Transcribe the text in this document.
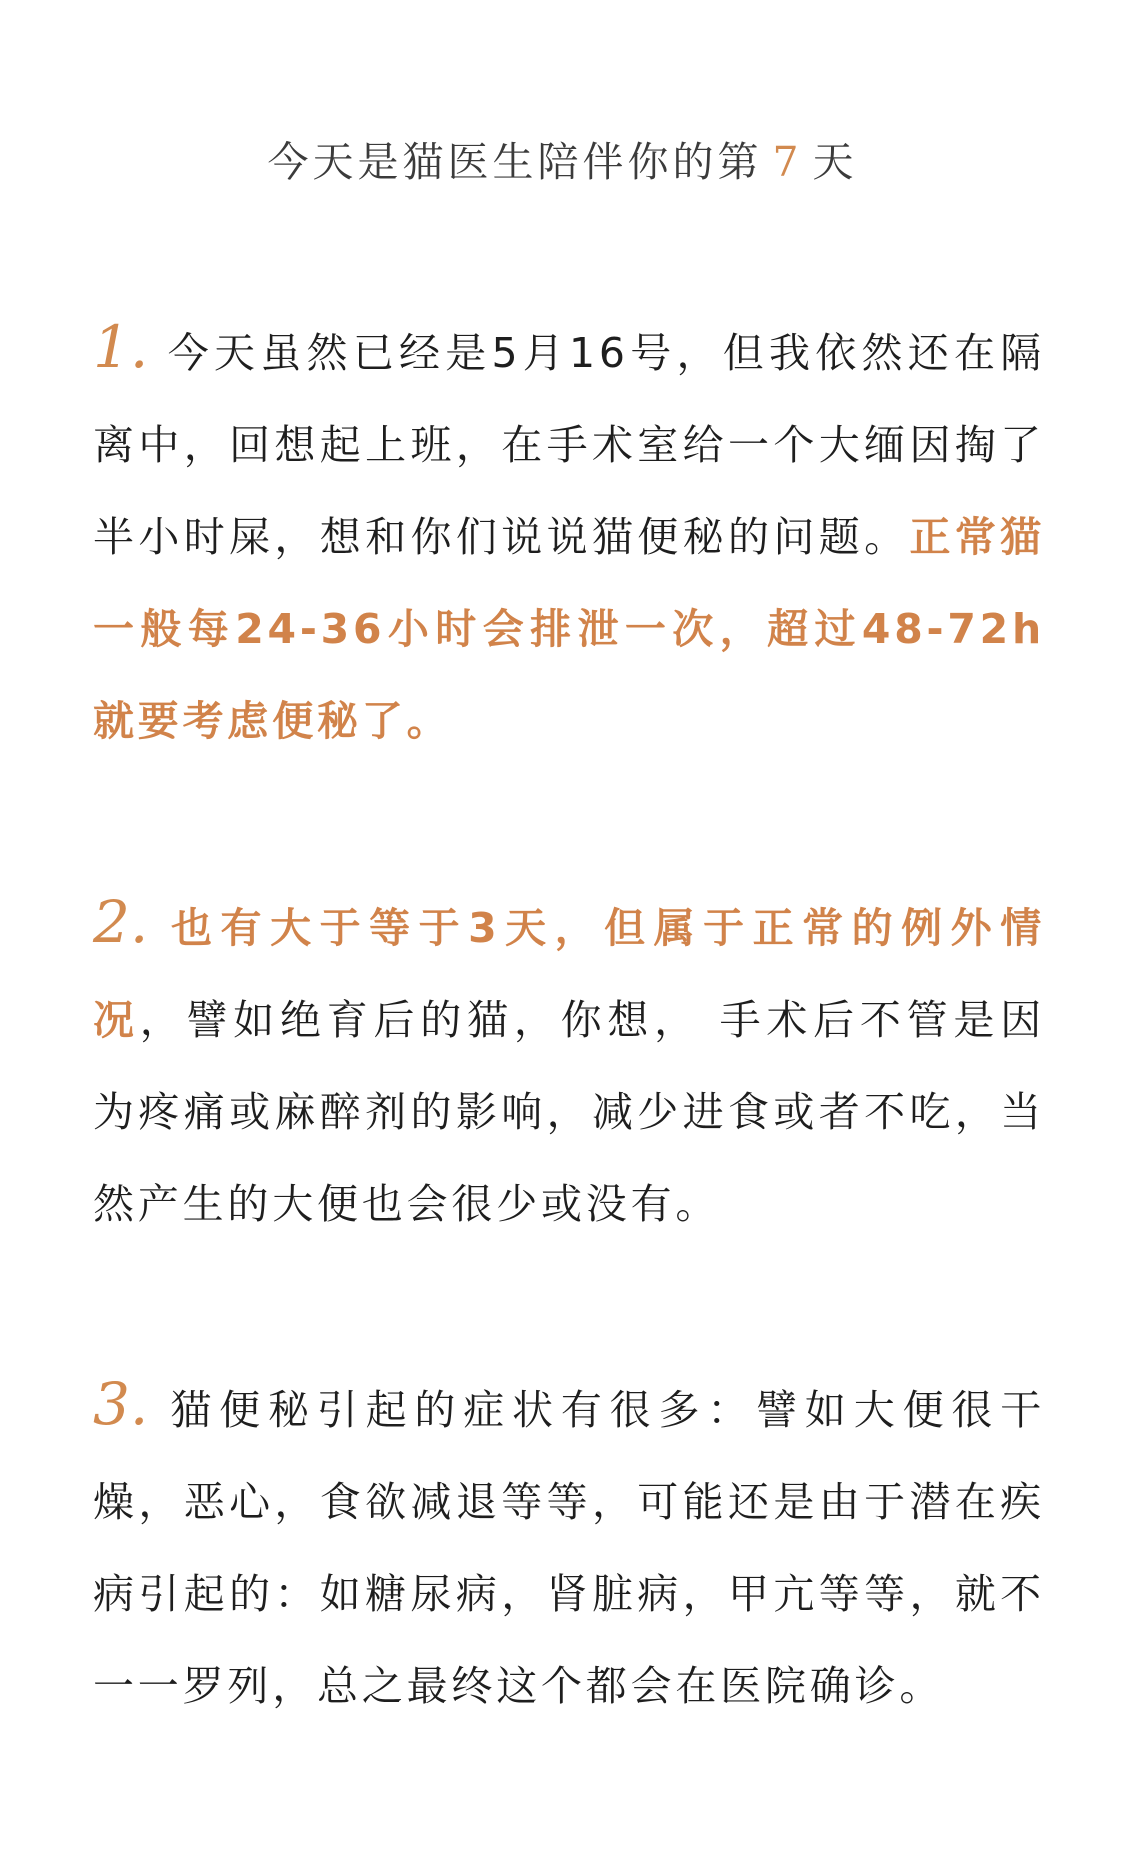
今天是猫医生陪伴你的第 7 天
1. 今天虽然已经是5月16号，但我依然还在隔离中，回想起上班，在手术室给一个大缅因掏了半小时屎，想和你们说说猫便秘的问题。正常猫一般每24-36小时会排泄一次，超过48-72h就要考虑便秘了。
2. 也有大于等于3天，但属于正常的例外情况，譬如绝育后的猫，你想， 手术后不管是因为疼痛或麻醉剂的影响，减少进食或者不吃，当然产生的大便也会很少或没有。
3. 猫便秘引起的症状有很多：譬如大便很干燥，恶心，食欲减退等等，可能还是由于潜在疾病引起的：如糖尿病，肾脏病，甲亢等等，就不一一罗列，总之最终这个都会在医院确诊。
